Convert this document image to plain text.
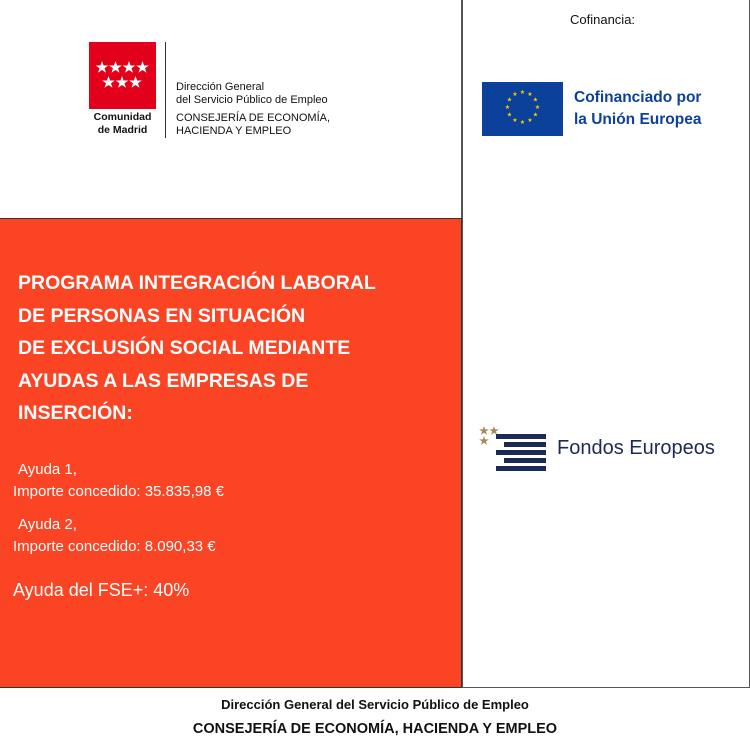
Comunidad
de Madrid
Dirección General
del Servicio Público de Empleo
CONSEJERÍA DE ECONOMÍA,
HACIENDA Y EMPLEO
Cofinancia:
★ ★
★
★
★
★
★
★
★
★
★
★	Cofinanciado por
la Unión Europea
Fondos Europeos
PROGRAMA INTEGRACIÓN LABORAL
DE PERSONAS EN SITUACIÓN
DE EXCLUSIÓN SOCIAL MEDIANTE
AYUDAS A LAS EMPRESAS DE
INSERCIÓN:
Ayuda 1,
Importe concedido: 35.835,98 €
Ayuda 2,
Importe concedido: 8.090,33 €
Ayuda del FSE+: 40%
Dirección General del Servicio Público de Empleo
CONSEJERÍA DE ECONOMÍA, HACIENDA Y EMPLEO
